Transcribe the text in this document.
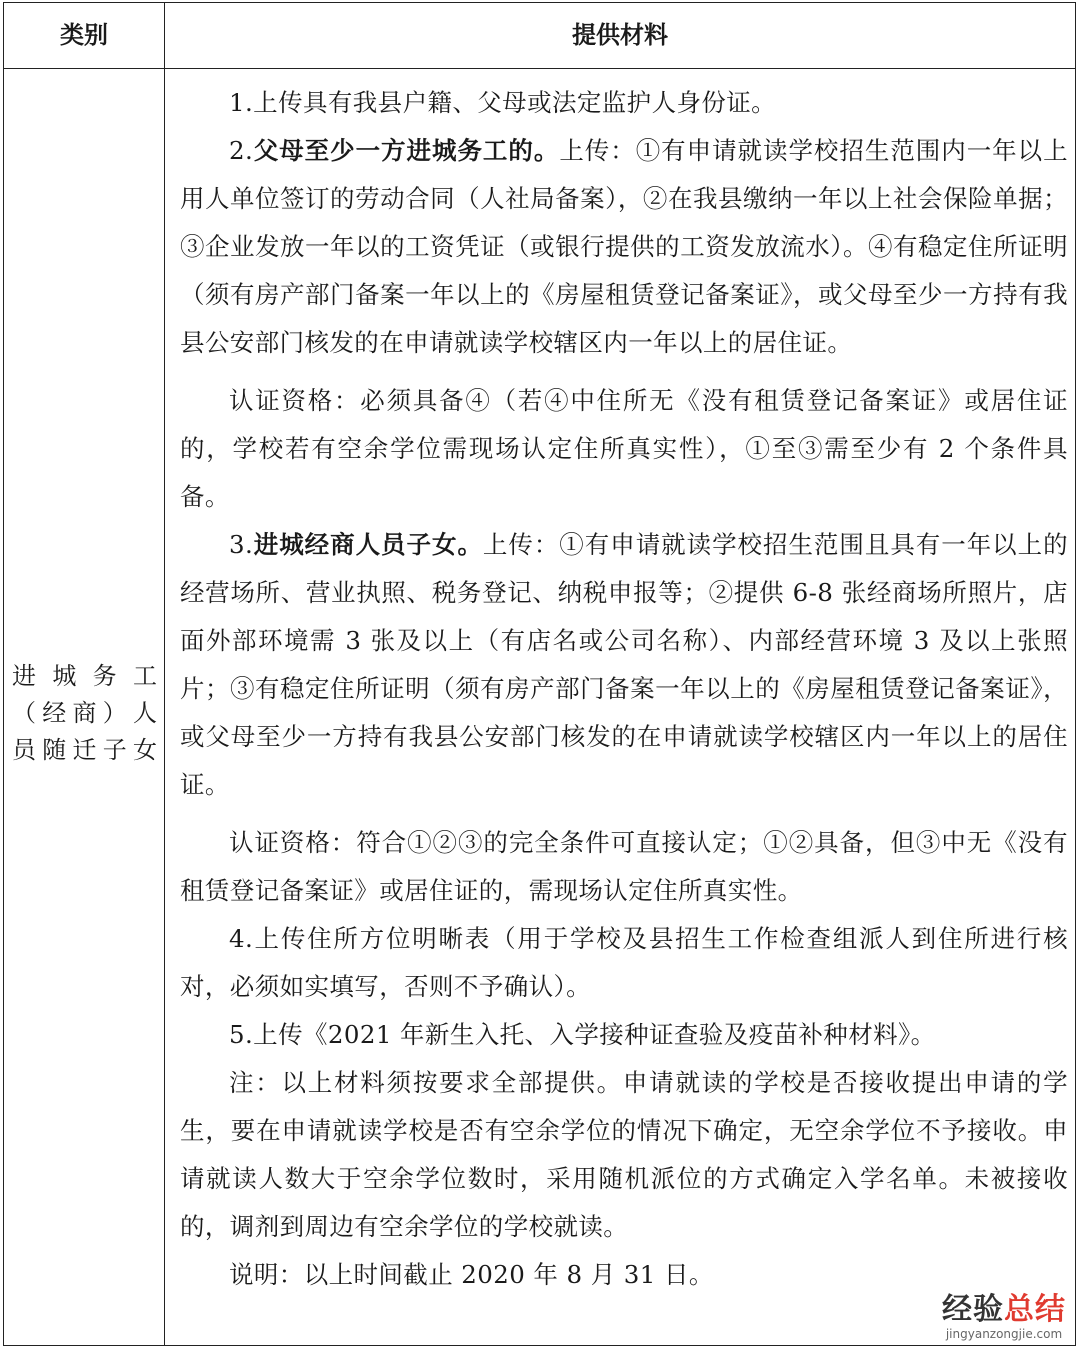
类别	提供材料
进城务工
（经商）人
员随迁子女

1.上传具有我县户籍、父母或法定监护人身份证。

2.父母至少一方进城务工的。上传：①有申请就读学校招生范围内一年以上用人单位签订的劳动合同（人社局备案），②在我县缴纳一年以上社会保险单据；③企业发放一年以的工资凭证（或银行提供的工资发放流水）。④有稳定住所证明（须有房产部门备案一年以上的《房屋租赁登记备案证》，或父母至少一方持有我县公安部门核发的在申请就读学校辖区内一年以上的居住证。

认证资格：必须具备④（若④中住所无《没有租赁登记备案证》或居住证的，学校若有空余学位需现场认定住所真实性），①至③需至少有 2 个条件具备。

3.进城经商人员子女。上传：①有申请就读学校招生范围且具有一年以上的经营场所、营业执照、税务登记、纳税申报等；②提供 6-8 张经商场所照片，店面外部环境需 3 张及以上（有店名或公司名称）、内部经营环境 3 及以上张照片；③有稳定住所证明（须有房产部门备案一年以上的《房屋租赁登记备案证》，或父母至少一方持有我县公安部门核发的在申请就读学校辖区内一年以上的居住证。

认证资格：符合①②③的完全条件可直接认定；①②具备，但③中无《没有租赁登记备案证》或居住证的，需现场认定住所真实性。

4.上传住所方位明晰表（用于学校及县招生工作检查组派人到住所进行核对，必须如实填写，否则不予确认）。

5.上传《2021 年新生入托、入学接种证查验及疫苗补种材料》。

注：以上材料须按要求全部提供。申请就读的学校是否接收提出申请的学生，要在申请就读学校是否有空余学位的情况下确定，无空余学位不予接收。申请就读人数大于空余学位数时，采用随机派位的方式确定入学名单。未被接收的，调剂到周边有空余学位的学校就读。

说明：以上时间截止 2020 年 8 月 31 日。

经验总结
jingyanzongjie.com
